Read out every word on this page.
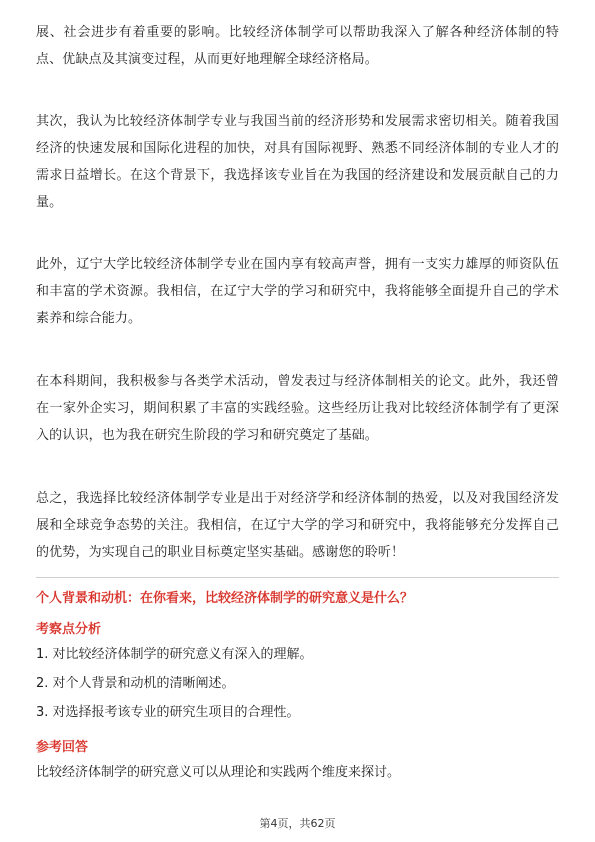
展、社会进步有着重要的影响。比较经济体制学可以帮助我深入了解各种经济体制的特点、优缺点及其演变过程，从而更好地理解全球经济格局。

其次，我认为比较经济体制学专业与我国当前的经济形势和发展需求密切相关。随着我国经济的快速发展和国际化进程的加快，对具有国际视野、熟悉不同经济体制的专业人才的需求日益增长。在这个背景下，我选择该专业旨在为我国的经济建设和发展贡献自己的力量。

此外，辽宁大学比较经济体制学专业在国内享有较高声誉，拥有一支实力雄厚的师资队伍和丰富的学术资源。我相信，在辽宁大学的学习和研究中，我将能够全面提升自己的学术素养和综合能力。

在本科期间，我积极参与各类学术活动，曾发表过与经济体制相关的论文。此外，我还曾在一家外企实习，期间积累了丰富的实践经验。这些经历让我对比较经济体制学有了更深入的认识，也为我在研究生阶段的学习和研究奠定了基础。

总之，我选择比较经济体制学专业是出于对经济学和经济体制的热爱，以及对我国经济发展和全球竞争态势的关注。我相信，在辽宁大学的学习和研究中，我将能够充分发挥自己的优势，为实现自己的职业目标奠定坚实基础。感谢您的聆听！

个人背景和动机：在你看来，比较经济体制学的研究意义是什么？
考察点分析
1. 对比较经济体制学的研究意义有深入的理解。
2. 对个人背景和动机的清晰阐述。
3. 对选择报考该专业的研究生项目的合理性。
参考回答
比较经济体制学的研究意义可以从理论和实践两个维度来探讨。
第4页，共62页
